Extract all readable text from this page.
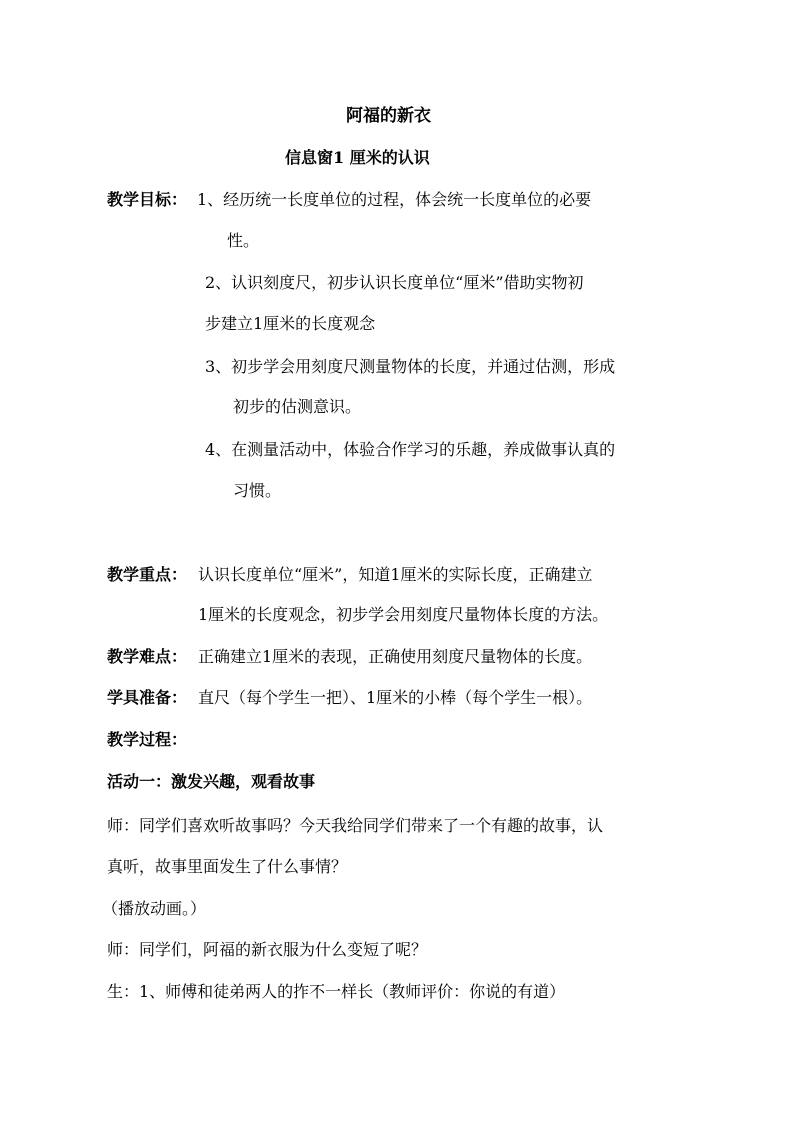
阿福的新衣
信息窗1 厘米的认识
教学目标： 1、经历统一长度单位的过程，体会统一长度单位的必要
性。
2、认识刻度尺，初步认识长度单位“厘米”借助实物初
步建立1厘米的长度观念
3、初步学会用刻度尺测量物体的长度，并通过估测，形成
初步的估测意识。
4、在测量活动中，体验合作学习的乐趣，养成做事认真的
习惯。
教学重点： 认识长度单位“厘米”，知道1厘米的实际长度，正确建立
1厘米的长度观念，初步学会用刻度尺量物体长度的方法。
教学难点： 正确建立1厘米的表现，正确使用刻度尺量物体的长度。
学具准备： 直尺（每个学生一把）、1厘米的小棒（每个学生一根）。
教学过程：
活动一：激发兴趣，观看故事
师：同学们喜欢听故事吗？今天我给同学们带来了一个有趣的故事，认
真听，故事里面发生了什么事情？
（播放动画。）
师：同学们，阿福的新衣服为什么变短了呢？
生：1、师傅和徒弟两人的拃不一样长（教师评价：你说的有道）
